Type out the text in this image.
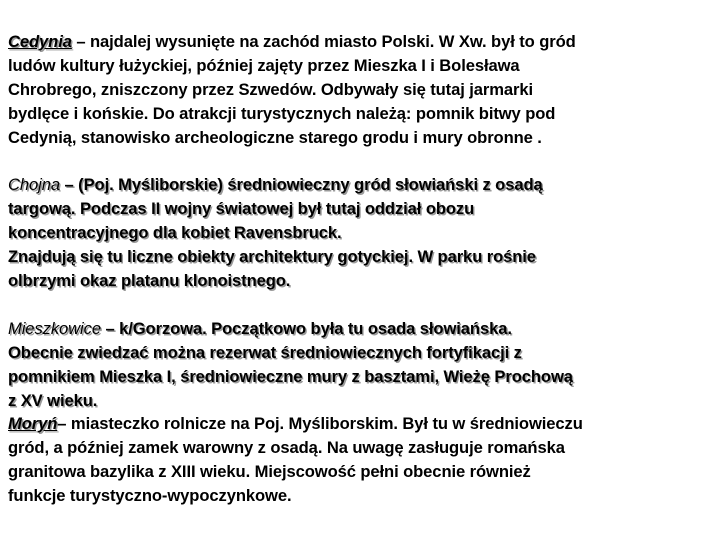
Cedynia – najdalej wysunięte na zachód miasto Polski. W Xw. był to gród
ludów kultury łużyckiej, później zajęty przez Mieszka I i Bolesława
Chrobrego, zniszczony przez Szwedów. Odbywały się tutaj jarmarki
bydlęce i końskie. Do atrakcji turystycznych należą: pomnik bitwy pod
Cedynią, stanowisko archeologiczne starego grodu i mury obronne .
Chojna – (Poj. Myśliborskie) średniowieczny gród słowiański z osadą
targową. Podczas II wojny światowej był tutaj oddział obozu
koncentracyjnego dla kobiet Ravensbruck.
Znajdują się tu liczne obiekty architektury gotyckiej. W parku rośnie
olbrzymi okaz platanu klonoistnego.
Mieszkowice – k/Gorzowa. Początkowo była tu osada słowiańska.
Obecnie zwiedzać można rezerwat średniowiecznych fortyfikacji z
pomnikiem Mieszka I, średniowieczne mury z basztami, Wieżę Prochową
z XV wieku.
Moryń– miasteczko rolnicze na Poj. Myśliborskim. Był tu w średniowieczu
gród, a później zamek warowny z osadą. Na uwagę zasługuje romańska
granitowa bazylika z XIII wieku. Miejscowość pełni obecnie również
funkcje turystyczno-wypoczynkowe.
